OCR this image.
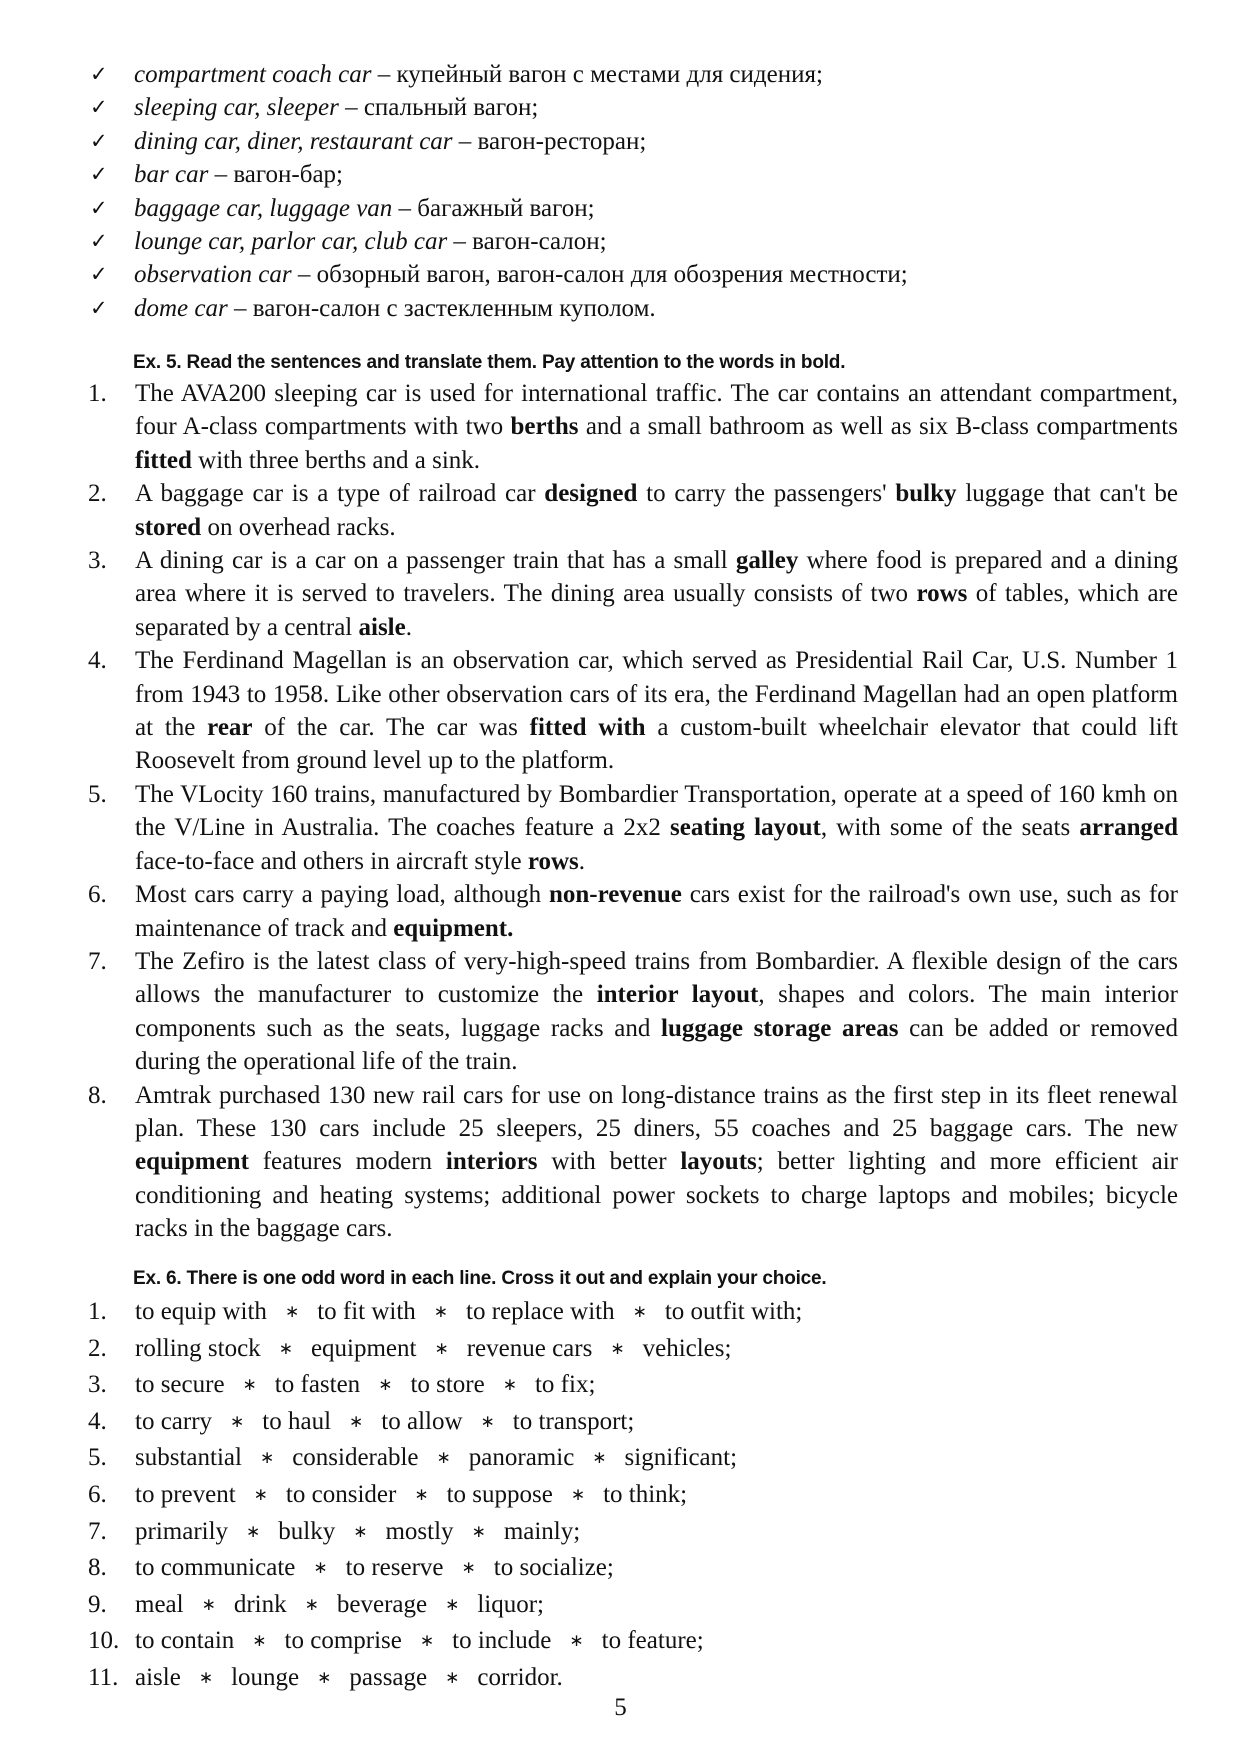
✓ compartment coach car – купейный вагон с местами для сидения;
✓ sleeping car, sleeper – спальный вагон;
✓ dining car, diner, restaurant car – вагон-ресторан;
✓ bar car – вагон-бар;
✓ baggage car, luggage van – багажный вагон;
✓ lounge car, parlor car, club car – вагон-салон;
✓ observation car – обзорный вагон, вагон-салон для обозрения местности;
✓ dome car – вагон-салон с застекленным куполом.
Ex. 5. Read the sentences and translate them. Pay attention to the words in bold.
1. The AVA200 sleeping car is used for international traffic. The car contains an attendant compartment, four A-class compartments with two berths and a small bathroom as well as six B-class compartments fitted with three berths and a sink.
2. A baggage car is a type of railroad car designed to carry the passengers' bulky luggage that can't be stored on overhead racks.
3. A dining car is a car on a passenger train that has a small galley where food is prepared and a dining area where it is served to travelers. The dining area usually consists of two rows of tables, which are separated by a central aisle.
4. The Ferdinand Magellan is an observation car, which served as Presidential Rail Car, U.S. Number 1 from 1943 to 1958. Like other observation cars of its era, the Ferdinand Magellan had an open platform at the rear of the car. The car was fitted with a custom-built wheelchair elevator that could lift Roosevelt from ground level up to the platform.
5. The VLocity 160 trains, manufactured by Bombardier Transportation, operate at a speed of 160 kmh on the V/Line in Australia. The coaches feature a 2x2 seating layout, with some of the seats arranged face-to-face and others in aircraft style rows.
6. Most cars carry a paying load, although non-revenue cars exist for the railroad's own use, such as for maintenance of track and equipment.
7. The Zefiro is the latest class of very-high-speed trains from Bombardier. A flexible design of the cars allows the manufacturer to customize the interior layout, shapes and colors. The main interior components such as the seats, luggage racks and luggage storage areas can be added or removed during the operational life of the train.
8. Amtrak purchased 130 new rail cars for use on long-distance trains as the first step in its fleet renewal plan. These 130 cars include 25 sleepers, 25 diners, 55 coaches and 25 baggage cars. The new equipment features modern interiors with better layouts; better lighting and more efficient air conditioning and heating systems; additional power sockets to charge laptops and mobiles; bicycle racks in the baggage cars.
Ex. 6. There is one odd word in each line. Cross it out and explain your choice.
1. to equip with ∗ to fit with ∗ to replace with ∗ to outfit with;
2. rolling stock ∗ equipment ∗ revenue cars ∗ vehicles;
3. to secure ∗ to fasten ∗ to store ∗ to fix;
4. to carry ∗ to haul ∗ to allow ∗ to transport;
5. substantial ∗ considerable ∗ panoramic ∗ significant;
6. to prevent ∗ to consider ∗ to suppose ∗ to think;
7. primarily ∗ bulky ∗ mostly ∗ mainly;
8. to communicate ∗ to reserve ∗ to socialize;
9. meal ∗ drink ∗ beverage ∗ liquor;
10. to contain ∗ to comprise ∗ to include ∗ to feature;
11. aisle ∗ lounge ∗ passage ∗ corridor.
5
